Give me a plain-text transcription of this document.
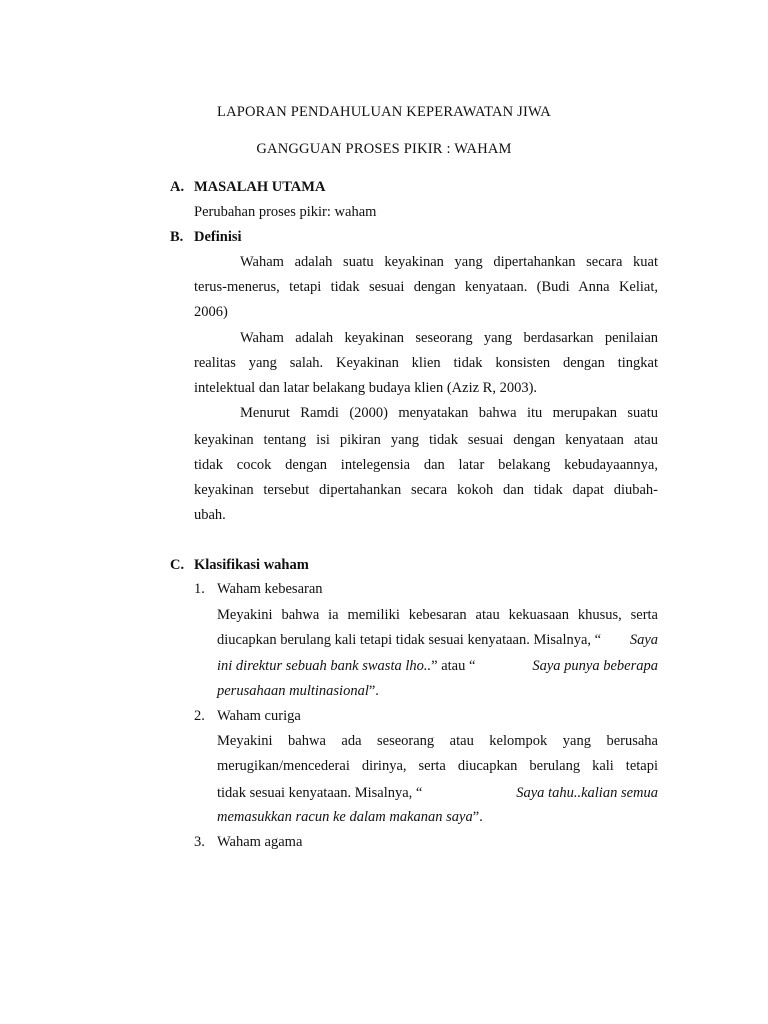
LAPORAN PENDAHULUAN KEPERAWATAN JIWA
GANGGUAN PROSES PIKIR : WAHAM
A. MASALAH UTAMA
Perubahan proses pikir: waham
B. Definisi
Waham adalah suatu keyakinan yang dipertahankan secara kuat
terus-menerus, tetapi tidak sesuai dengan kenyataan. (Budi Anna Keliat,
2006)
Waham adalah keyakinan seseorang yang berdasarkan penilaian
realitas yang salah. Keyakinan klien tidak konsisten dengan tingkat
intelektual dan latar belakang budaya klien (Aziz R, 2003).
Menurut Ramdi (2000) menyatakan bahwa itu merupakan suatu
keyakinan tentang isi pikiran yang tidak sesuai dengan kenyataan atau
tidak cocok dengan intelegensia dan latar belakang kebudayaannya,
keyakinan tersebut dipertahankan secara kokoh dan tidak dapat diubah-
ubah.
C. Klasifikasi waham
1. Waham kebesaran
Meyakini bahwa ia memiliki kebesaran atau kekuasaan khusus, serta
diucapkan berulang kali tetapi tidak sesuai kenyataan. Misalnya, “ Saya
ini direktur sebuah bank swasta lho..” atau “	Saya punya beberapa
perusahaan multinasional”.
2. Waham curiga
Meyakini bahwa ada seseorang atau kelompok yang berusaha
merugikan/mencederai dirinya, serta diucapkan berulang kali tetapi
tidak sesuai kenyataan. Misalnya, “	Saya tahu..kalian semua
memasukkan racun ke dalam makanan saya”.
3. Waham agama
